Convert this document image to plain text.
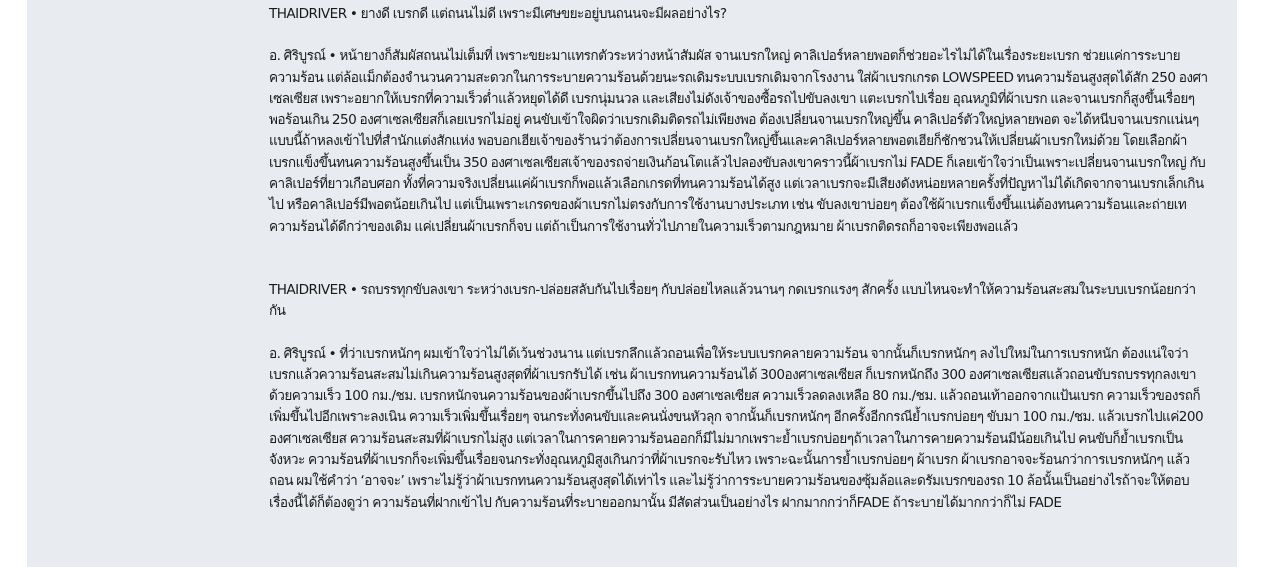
THAIDRIVER • ยางดี เบรกดี แต่ถนนไม่ดี เพราะมีเศษขยะอยู่บนถนนจะมีผลอย่างไร?

อ. ศิริบูรณ์ • หน้ายางก็สัมผัสถนนไม่เต็มที่ เพราะขยะมาแทรกตัวระหว่างหน้าสัมผัส จานเบรกใหญ่ คาลิเปอร์หลายพอตก็ช่วยอะไรไม่ได้ในเรื่องระยะเบรก ช่วยแค่การระบายความร้อน แต่ล้อแม็กต้องจำนวนความสะดวกในการระบายความร้อนด้วยนะรถเดิมระบบเบรกเดิมจากโรงงาน ใส่ผ้าเบรกเกรด LOWSPEED ทนความร้อนสูงสุดได้สัก 250 องศาเซลเซียส เพราะอยากให้เบรกที่ความเร็วต่ำแล้วหยุดได้ดี เบรกนุ่มนวล และเสียงไม่ดังเจ้าของซื้อรถไปขับลงเขา แตะเบรกไปเรื่อย อุณหภูมิที่ผ้าเบรก และจานเบรกก็สูงขึ้นเรื่อยๆ พอร้อนเกิน 250 องศาเซลเซียสก็เลยเบรกไม่อยู่ คนขับเข้าใจผิดว่าเบรกเดิมติดรถไม่เพียงพอ ต้องเปลี่ยนจานเบรกใหญ่ขึ้น คาลิเปอร์ตัวใหญ่หลายพอต จะได้หนีบจานเบรกแน่นๆ แบบนี้ถ้าหลงเข้าไปที่สำนักแต่งสักแห่ง พอบอกเฮียเจ้าของร้านว่าต้องการเปลี่ยนจานเบรกใหญ่ขึ้นและคาลิเปอร์หลายพอตเฮียก็ชักชวนให้เปลี่ยนผ้าเบรกใหม่ด้วย โดยเลือกผ้าเบรกแข็งขึ้นทนความร้อนสูงขึ้นเป็น 350 องศาเซลเซียสเจ้าของรถจ่ายเงินก้อนโตแล้วไปลองขับลงเขาคราวนี้ผ้าเบรกไม่ FADE ก็เลยเข้าใจว่าเป็นเพราะเปลี่ยนจานเบรกใหญ่ กับคาลิเปอร์ที่ยาวเกือบศอก ทั้งที่ความจริงเปลี่ยนแค่ผ้าเบรกก็พอแล้วเลือกเกรดที่ทนความร้อนได้สูง แต่เวลาเบรกจะมีเสียงดังหน่อยหลายครั้งที่ปัญหาไม่ได้เกิดจากจานเบรกเล็กเกินไป หรือคาลิเปอร์มีพอตน้อยเกินไป แต่เป็นเพราะเกรดของผ้าเบรกไม่ตรงกับการใช้งานบางประเภท เช่น ขับลงเขาบ่อยๆ ต้องใช้ผ้าเบรกแข็งขึ้นแน่ต้องทนความร้อนและถ่ายเทความร้อนได้ดีกว่าของเดิม แค่เปลี่ยนผ้าเบรกก็จบ แต่ถ้าเป็นการใช้งานทั่วไปภายในความเร็วตามกฎหมาย ผ้าเบรกติดรถก็อาจจะเพียงพอแล้ว

THAIDRIVER • รถบรรทุกขับลงเขา ระหว่างเบรก-ปล่อยสลับกันไปเรื่อยๆ กับปล่อยไหลแล้วนานๆ กดเบรกแรงๆ สักครั้ง แบบไหนจะทำให้ความร้อนสะสมในระบบเบรกน้อยกว่ากัน

อ. ศิริบูรณ์ • ที่ว่าเบรกหนักๆ ผมเข้าใจว่าไม่ได้เว้นช่วงนาน แต่เบรกลึกแล้วถอนเพื่อให้ระบบเบรกคลายความร้อน จากนั้นก็เบรกหนักๆ ลงไปใหม่ในการเบรกหนัก ต้องแน่ใจว่าเบรกแล้วความร้อนสะสมไม่เกินความร้อนสูงสุดที่ผ้าเบรกรับได้ เช่น ผ้าเบรกทนความร้อนได้ 300องศาเซลเซียส ก็เบรกหนักถึง 300 องศาเซลเซียสแล้วถอนขับรถบรรทุกลงเขาด้วยความเร็ว 100 กม./ชม. เบรกหนักจนความร้อนของผ้าเบรกขึ้นไปถึง 300 องศาเซลเซียส ความเร็วลดลงเหลือ 80 กม./ชม. แล้วถอนเท้าออกจากแป้นเบรก ความเร็วของรถก็เพิ่มขึ้นไปอีกเพราะลงเนิน ความเร็วเพิ่มขึ้นเรื่อยๆ จนกระทั่งคนขับและคนนั่งขนหัวลุก จากนั้นก็เบรกหนักๆ อีกครั้งอีกกรณีย้ำเบรกบ่อยๆ ขับมา 100 กม./ชม. แล้วเบรกไปแค่200 องศาเซลเซียส ความร้อนสะสมที่ผ้าเบรกไม่สูง แต่เวลาในการคายความร้อนออกก็มีไม่มากเพราะย้ำเบรกบ่อยๆถ้าเวลาในการคายความร้อนมีน้อยเกินไป คนขับก็ย้ำเบรกเป็นจังหวะ ความร้อนที่ผ้าเบรกก็จะเพิ่มขึ้นเรื่อยจนกระทั่งอุณหภูมิสูงเกินกว่าที่ผ้าเบรกจะรับไหว เพราะฉะนั้นการย้ำเบรกบ่อยๆ ผ้าเบรก ผ้าเบรกอาจจะร้อนกว่าการเบรกหนักๆ แล้วถอน ผมใช้คำว่า ‘อาจจะ’ เพราะไม่รู้ว่าผ้าเบรกทนความร้อนสูงสุดได้เท่าไร และไม่รู้ว่าการระบายความร้อนของซุ้มล้อและดรัมเบรกของรถ 10 ล้อนั้นเป็นอย่างไรถ้าจะให้ตอบเรื่องนี้ได้ก็ต้องดูว่า ความร้อนที่ฝากเข้าไป กับความร้อนที่ระบายออกมานั้น มีสัดส่วนเป็นอย่างไร ฝากมากกว่าก็FADE ถ้าระบายได้มากกว่าก็ไม่ FADE
